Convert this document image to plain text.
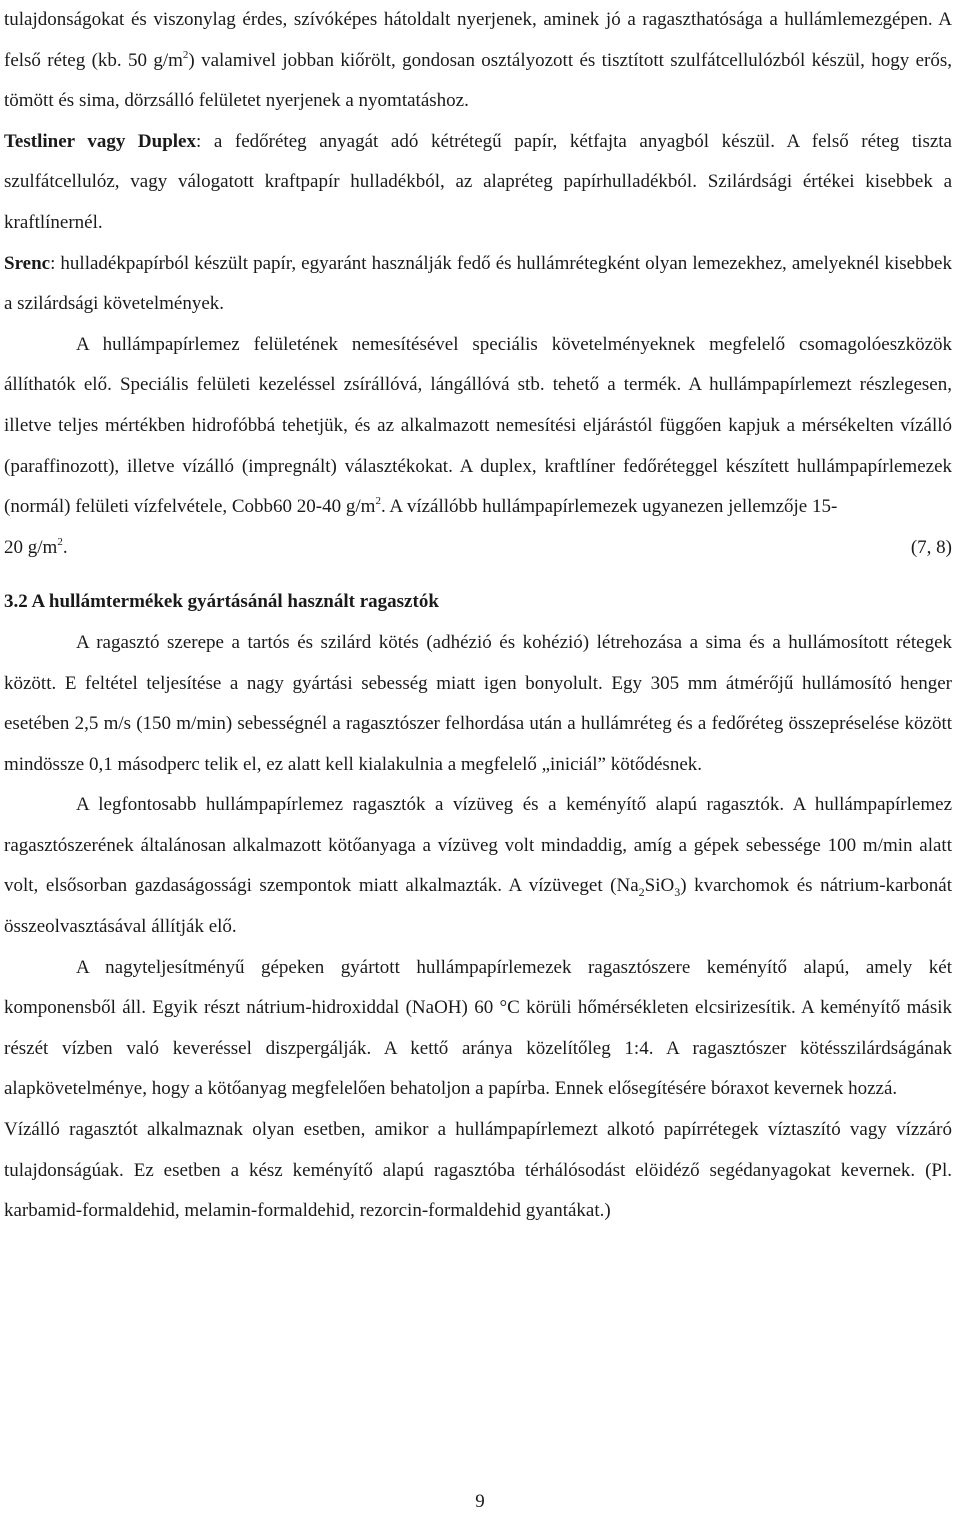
tulajdonságokat és viszonylag érdes, szívóképes hátoldalt nyerjenek, aminek jó a ragaszthatósága a hullámlemezgépen. A felső réteg (kb. 50 $g/m^2$) valamivel jobban kiőrölt, gondosan osztályozott és tisztított szulfátcellulózból készül, hogy erős, tömött és sima, dörzsálló felületet nyerjenek a nyomtatáshoz.

Testliner vagy Duplex: a fedőréteg anyagát adó kétrétegű papír, kétfajta anyagból készül. A felső réteg tiszta szulfátcellulóz, vagy válogatott kraftpapír hulladékból, az alapréteg papírhulladékból. Szilárdsági értékei kisebbek a kraftlínernél.

Srenc: hulladékpapírból készült papír, egyaránt használják fedő és hullámrétegként olyan lemezekhez, amelyeknél kisebbek a szilárdsági követelmények.

A hullámpapírlemez felületének nemesítésével speciális követelményeknek megfelelő csomagolóeszközök állíthatók elő. Speciális felületi kezeléssel zsírállóvá, lángállóvá stb. tehető a termék. A hullámpapírlemezt részlegesen, illetve teljes mértékben hidrofóbbá tehetjük, és az alkalmazott nemesítési eljárástól függően kapjuk a mérsékelten vízálló (paraffinozott), illetve vízálló (impregnált) választékokat. A duplex, kraftlíner fedőréteggel készített hullámpapírlemezek (normál) felületi vízfelvétele, Cobb60 20-40 $g/m^2$. A vízállóbb hullámpapírlemezek ugyanezen jellemzője 15-

20 $g/m^2$.	(7, 8)
3.2 A hullámtermékek gyártásánál használt ragasztók

A ragasztó szerepe a tartós és szilárd kötés (adhézió és kohézió) létrehozása a sima és a hullámosított rétegek között. E feltétel teljesítése a nagy gyártási sebesség miatt igen bonyolult. Egy 305 mm átmérőjű hullámosító henger esetében 2,5 m/s (150 m/min) sebességnél a ragasztószer felhordása után a hullámréteg és a fedőréteg összepréselése között mindössze 0,1 másodperc telik el, ez alatt kell kialakulnia a megfelelő „iniciál” kötődésnek.

A legfontosabb hullámpapírlemez ragasztók a vízüveg és a keményítő alapú ragasztók. A hullámpapírlemez ragasztószerének általánosan alkalmazott kötőanyaga a vízüveg volt mindaddig, amíg a gépek sebessége 100 m/min alatt volt, elsősorban gazdaságossági szempontok miatt alkalmazták. A vízüveget $(Na_2SiO_3)$ kvarchomok és nátrium-karbonát összeolvasztásával állítják elő.

A nagyteljesítményű gépeken gyártott hullámpapírlemezek ragasztószere keményítő alapú, amely két komponensből áll. Egyik részt nátrium-hidroxiddal (NaOH) 60 °C körüli hőmérsékleten elcsirizesítik. A keményítő másik részét vízben való keveréssel diszpergálják. A kettő aránya közelítőleg 1:4. A ragasztószer kötésszilárdságának alapkövetelménye, hogy a kötőanyag megfelelően behatoljon a papírba. Ennek elősegítésére bóraxot kevernek hozzá.

Vízálló ragasztót alkalmaznak olyan esetben, amikor a hullámpapírlemezt alkotó papírrétegek víztaszító vagy vízzáró tulajdonságúak. Ez esetben a kész keményítő alapú ragasztóba térhálósodást elöidéző segédanyagokat kevernek. (Pl. karbamid-formaldehid, melamin-formaldehid, rezorcin-formaldehid gyantákat.)

9
